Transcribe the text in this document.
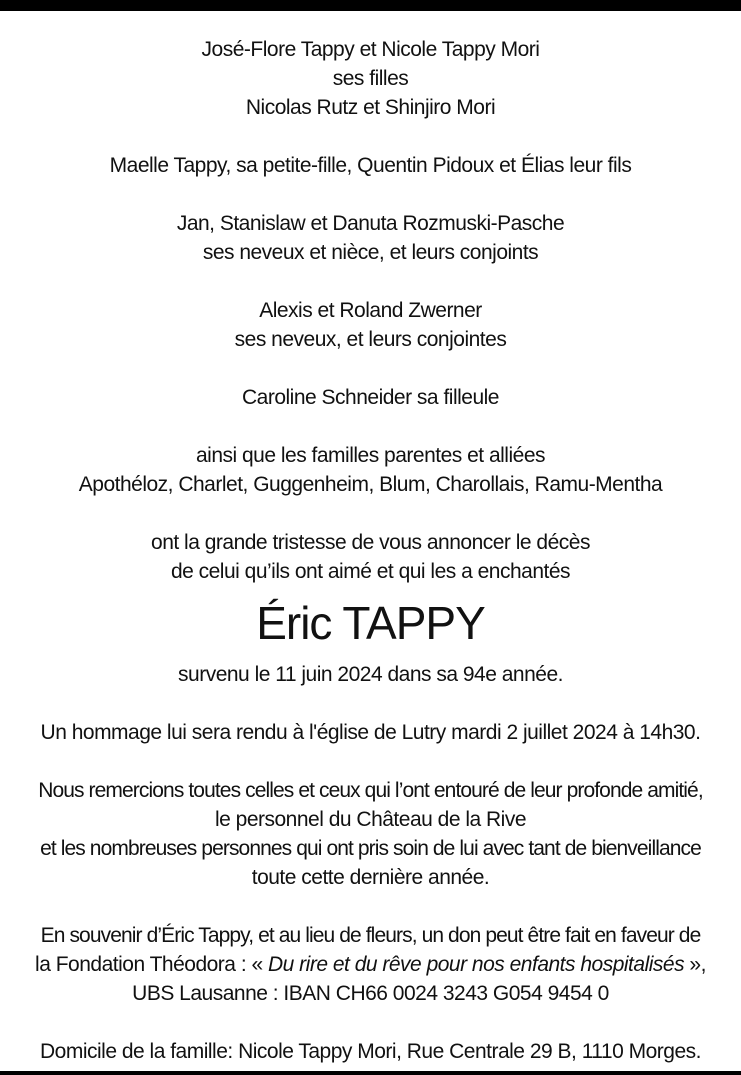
José-Flore Tappy et Nicole Tappy Mori
ses filles
Nicolas Rutz et Shinjiro Mori
Maelle Tappy, sa petite-fille, Quentin Pidoux et Élias leur fils
Jan, Stanislaw et Danuta Rozmuski-Pasche
ses neveux et nièce, et leurs conjoints
Alexis et Roland Zwerner
ses neveux, et leurs conjointes
Caroline Schneider sa filleule
ainsi que les familles parentes et alliées
Apothéloz, Charlet, Guggenheim, Blum, Charollais, Ramu-Mentha
ont la grande tristesse de vous annoncer le décès
de celui qu’ils ont aimé et qui les a enchantés
Éric TAPPY
survenu le 11 juin 2024 dans sa 94e année.
Un hommage lui sera rendu à l'église de Lutry mardi 2 juillet 2024 à 14h30.
Nous remercions toutes celles et ceux qui l’ont entouré de leur profonde amitié,
le personnel du Château de la Rive
et les nombreuses personnes qui ont pris soin de lui avec tant de bienveillance
toute cette dernière année.
En souvenir d’Éric Tappy, et au lieu de fleurs, un don peut être fait en faveur de
la Fondation Théodora : « Du rire et du rêve pour nos enfants hospitalisés »,
UBS Lausanne : IBAN CH66 0024 3243 G054 9454 0
Domicile de la famille: Nicole Tappy Mori, Rue Centrale 29 B, 1110 Morges.
